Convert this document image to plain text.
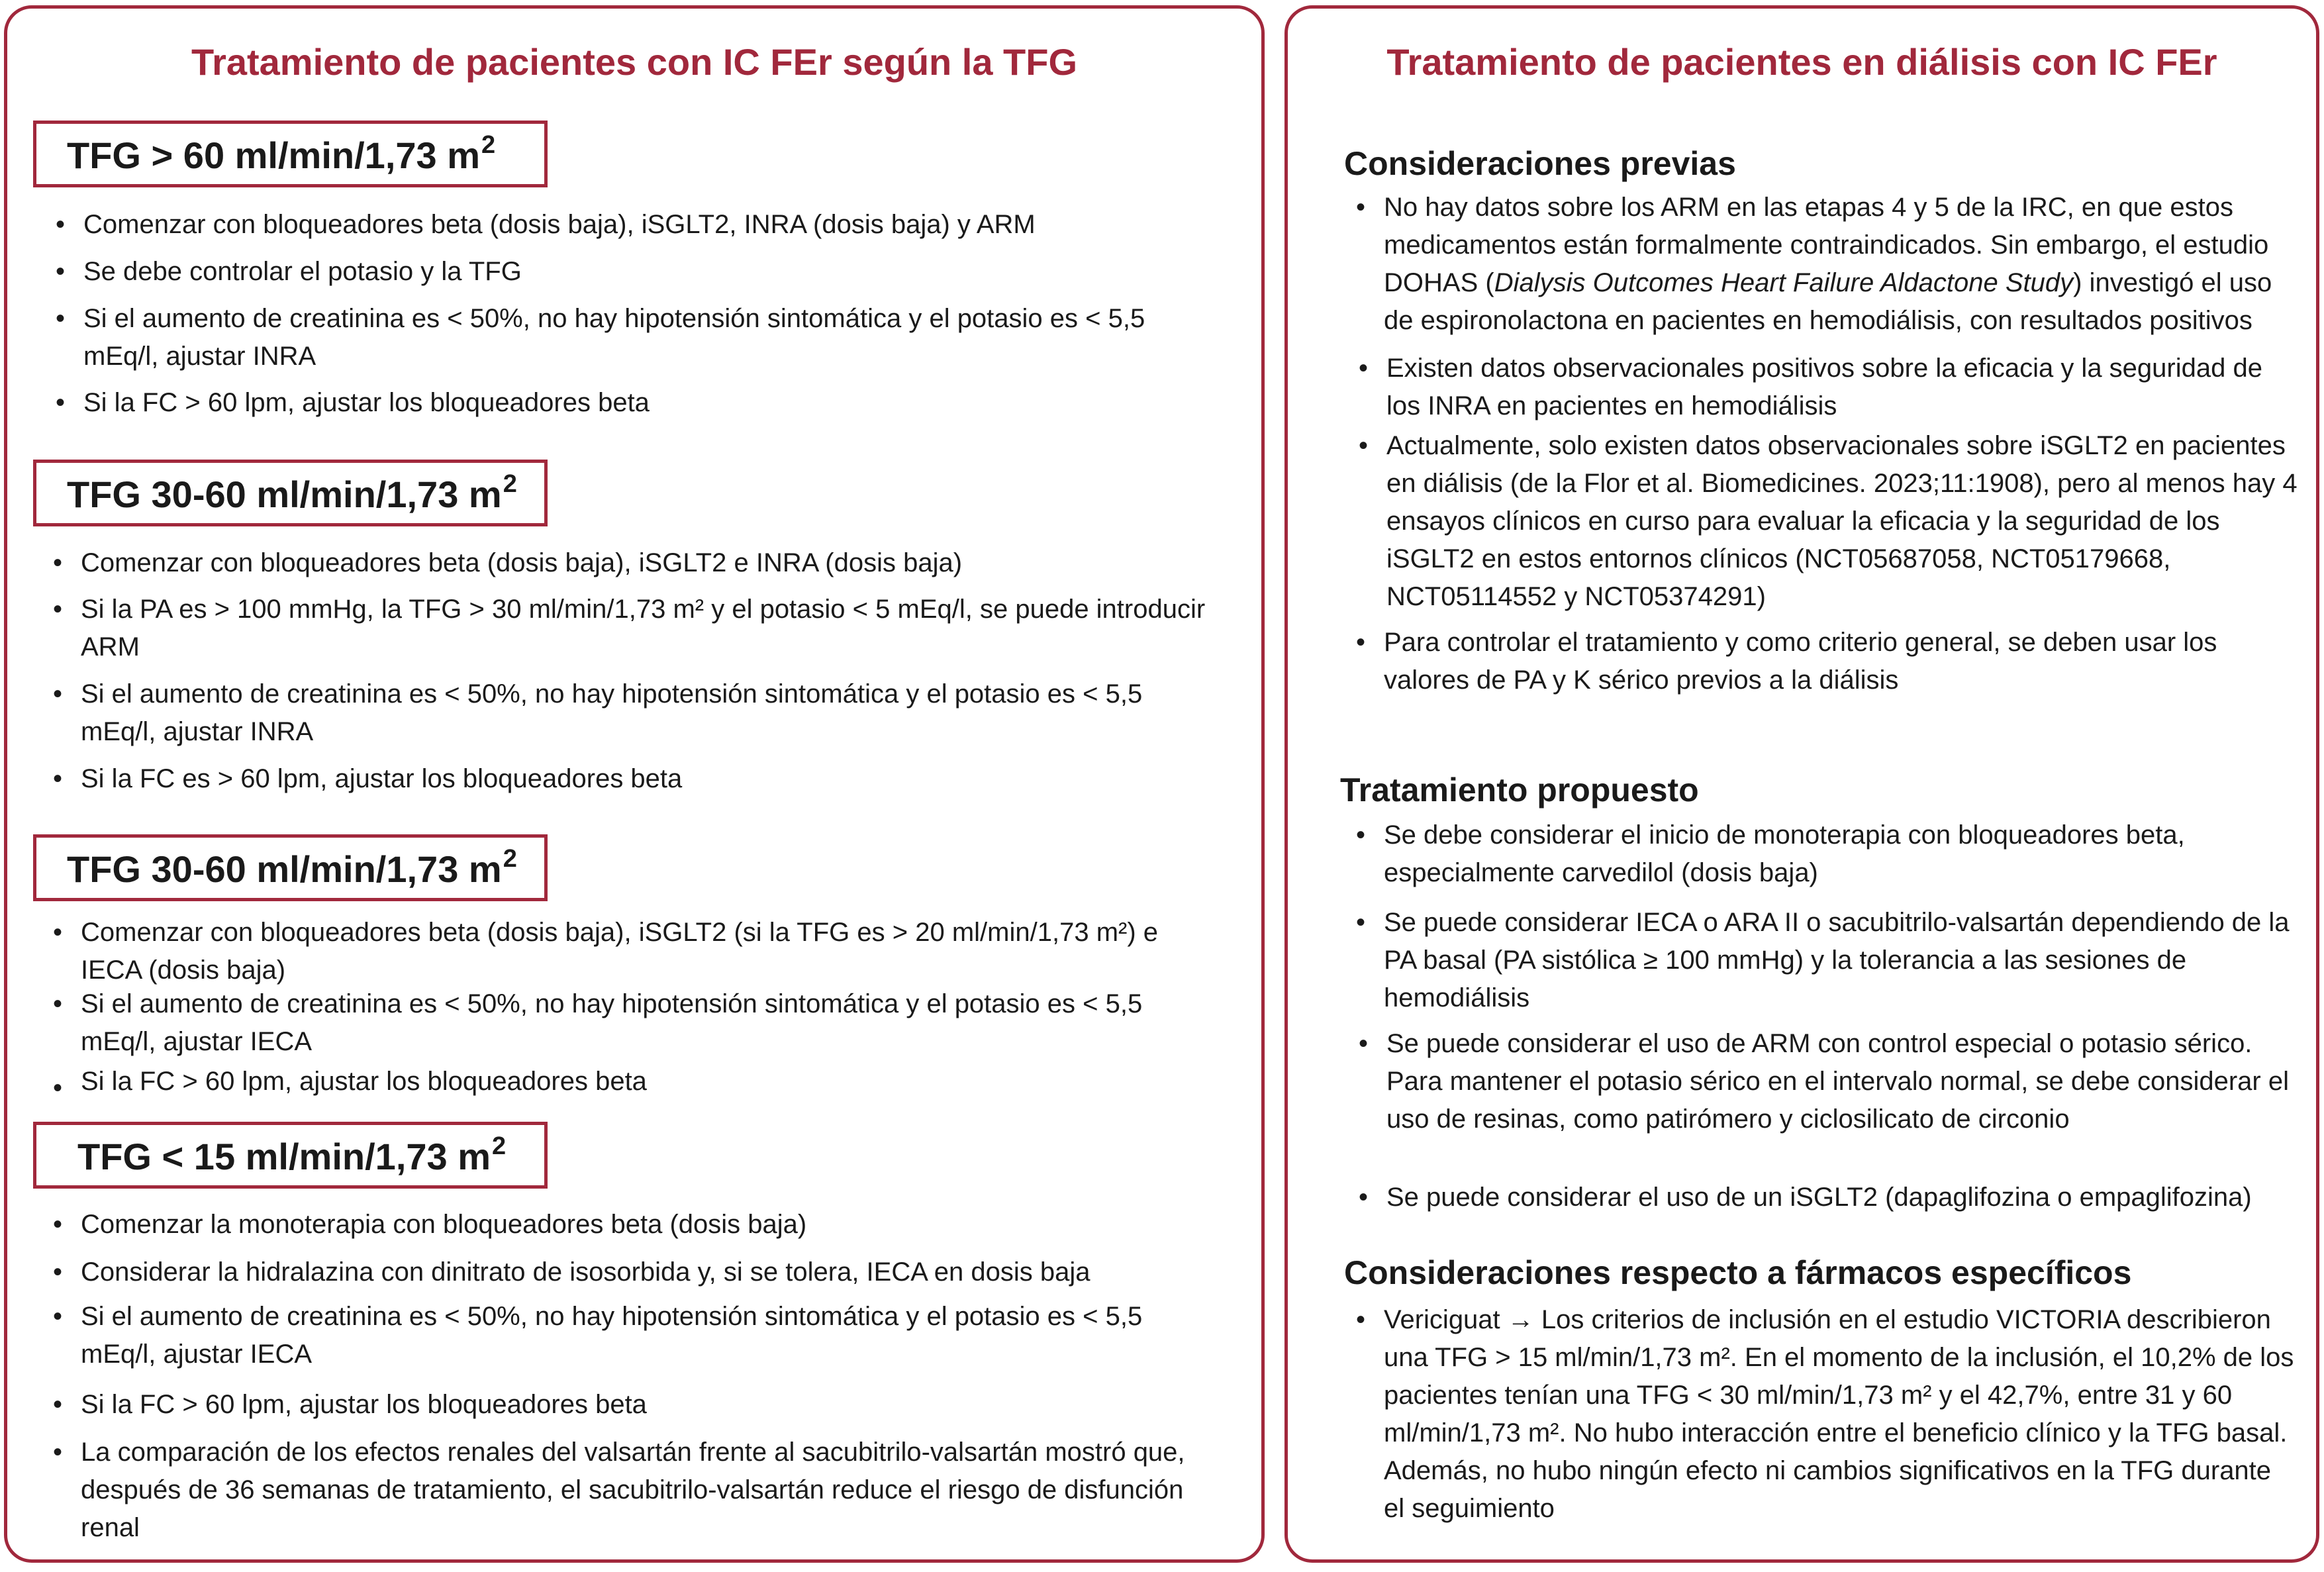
Tratamiento de pacientes con IC FEr según la TFG
TFG > 60 ml/min/1,73 $m^2$
• Comenzar con bloqueadores beta (dosis baja), iSGLT2, INRA (dosis baja) y ARM
• Se debe controlar el potasio y la TFG
• Si el aumento de creatinina es < 50%, no hay hipotensión sintomática y el potasio es < 5,5 mEq/l, ajustar INRA
• Si la FC > 60 lpm, ajustar los bloqueadores beta
TFG 30-60 ml/min/1,73 $m^2$
• Comenzar con bloqueadores beta (dosis baja), iSGLT2 e INRA (dosis baja)
• Si la PA es > 100 mmHg, la TFG > 30 ml/min/1,73 m² y el potasio < 5 mEq/l, se puede introducir ARM
• Si el aumento de creatinina es < 50%, no hay hipotensión sintomática y el potasio es < 5,5 mEq/l, ajustar INRA
• Si la FC es > 60 lpm, ajustar los bloqueadores beta
TFG 30-60 ml/min/1,73 $m^2$
• Comenzar con bloqueadores beta (dosis baja), iSGLT2 (si la TFG es > 20 ml/min/1,73 m²) e IECA (dosis baja)
• Si el aumento de creatinina es < 50%, no hay hipotensión sintomática y el potasio es < 5,5 mEq/l, ajustar IECA
• Si la FC > 60 lpm, ajustar los bloqueadores beta
TFG < 15 ml/min/1,73 $m^2$
• Comenzar la monoterapia con bloqueadores beta (dosis baja)
• Considerar la hidralazina con dinitrato de isosorbida y, si se tolera, IECA en dosis baja
• Si el aumento de creatinina es < 50%, no hay hipotensión sintomática y el potasio es < 5,5 mEq/l, ajustar IECA
• Si la FC > 60 lpm, ajustar los bloqueadores beta
• La comparación de los efectos renales del valsartán frente al sacubitrilo-valsartán mostró que, después de 36 semanas de tratamiento, el sacubitrilo-valsartán reduce el riesgo de disfunción renal
Tratamiento de pacientes en diálisis con IC FEr
Consideraciones previas
• No hay datos sobre los ARM en las etapas 4 y 5 de la IRC, en que estos medicamentos están formalmente contraindicados. Sin embargo, el estudio DOHAS (Dialysis Outcomes Heart Failure Aldactone Study) investigó el uso de espironolactona en pacientes en hemodiálisis, con resultados positivos
• Existen datos observacionales positivos sobre la eficacia y la seguridad de los INRA en pacientes en hemodiálisis
• Actualmente, solo existen datos observacionales sobre iSGLT2 en pacientes en diálisis (de la Flor et al. Biomedicines. 2023;11:1908), pero al menos hay 4 ensayos clínicos en curso para evaluar la eficacia y la seguridad de los iSGLT2 en estos entornos clínicos (NCT05687058, NCT05179668, NCT05114552 y NCT05374291)
• Para controlar el tratamiento y como criterio general, se deben usar los valores de PA y K sérico previos a la diálisis
Tratamiento propuesto
• Se debe considerar el inicio de monoterapia con bloqueadores beta, especialmente carvedilol (dosis baja)
• Se puede considerar IECA o ARA II o sacubitrilo-valsartán dependiendo de la PA basal (PA sistólica ≥ 100 mmHg) y la tolerancia a las sesiones de hemodiálisis
• Se puede considerar el uso de ARM con control especial o potasio sérico. Para mantener el potasio sérico en el intervalo normal, se debe considerar el uso de resinas, como patirómero y ciclosilicato de circonio
• Se puede considerar el uso de un iSGLT2 (dapaglifozina o empaglifozina)
Consideraciones respecto a fármacos específicos
• Vericiguat → Los criterios de inclusión en el estudio VICTORIA describieron una TFG > 15 ml/min/1,73 m². En el momento de la inclusión, el 10,2% de los pacientes tenían una TFG < 30 ml/min/1,73 m² y el 42,7%, entre 31 y 60 ml/min/1,73 m². No hubo interacción entre el beneficio clínico y la TFG basal. Además, no hubo ningún efecto ni cambios significativos en la TFG durante el seguimiento
